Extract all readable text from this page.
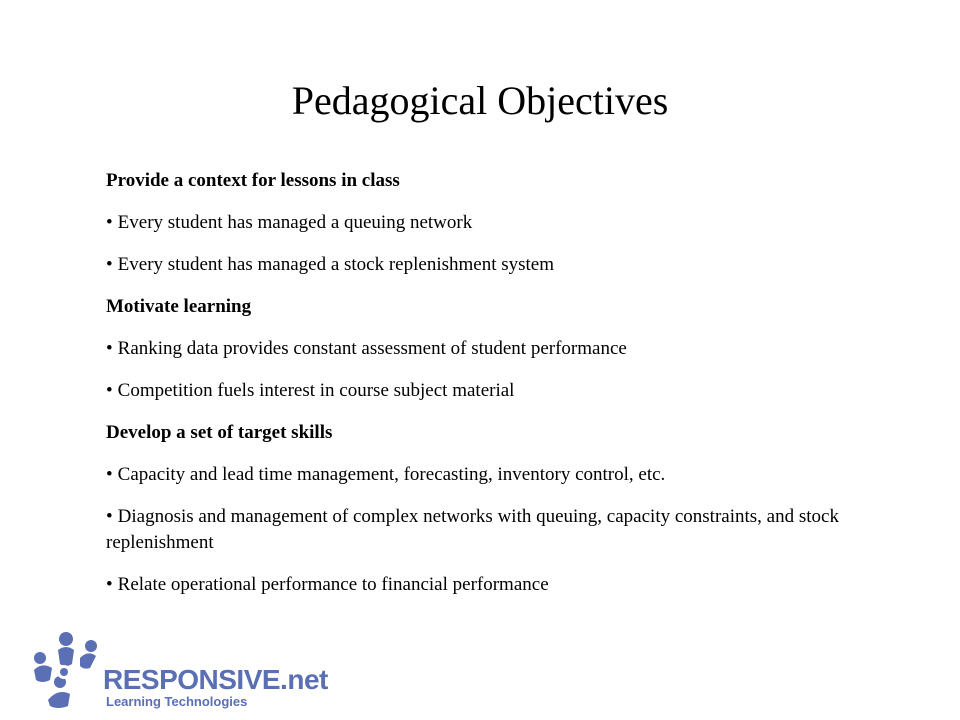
Pedagogical Objectives
Provide a context for lessons in class
• Every student has managed a queuing network
• Every student has managed a stock replenishment system
Motivate learning
• Ranking data provides constant assessment of student performance
• Competition fuels interest in course subject material
Develop a set of target skills
• Capacity and lead time management, forecasting, inventory control, etc.
• Diagnosis and management of complex networks with queuing, capacity constraints, and stock replenishment
• Relate operational performance to financial performance
RESPONSIVE.net
Learning Technologies
